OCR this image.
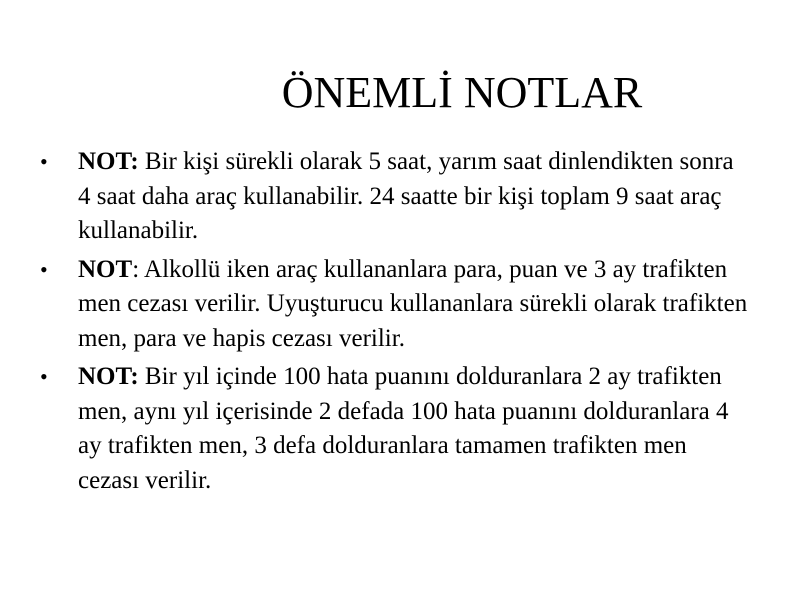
ÖNEMLİ NOTLAR
•	NOT: Bir kişi sürekli olarak 5 saat, yarım saat dinlendikten sonra 4 saat daha araç kullanabilir. 24 saatte bir kişi toplam 9 saat araç kullanabilir.
•	NOT: Alkollü iken araç kullananlara para, puan ve 3 ay trafikten men cezası verilir. Uyuşturucu kullananlara sürekli olarak trafikten men, para ve hapis cezası verilir.
•	NOT: Bir yıl içinde 100 hata puanını dolduranlara 2 ay trafikten men, aynı yıl içerisinde 2 defada 100 hata puanını dolduranlara 4 ay trafikten men, 3 defa dolduranlara tamamen trafikten men cezası verilir.
